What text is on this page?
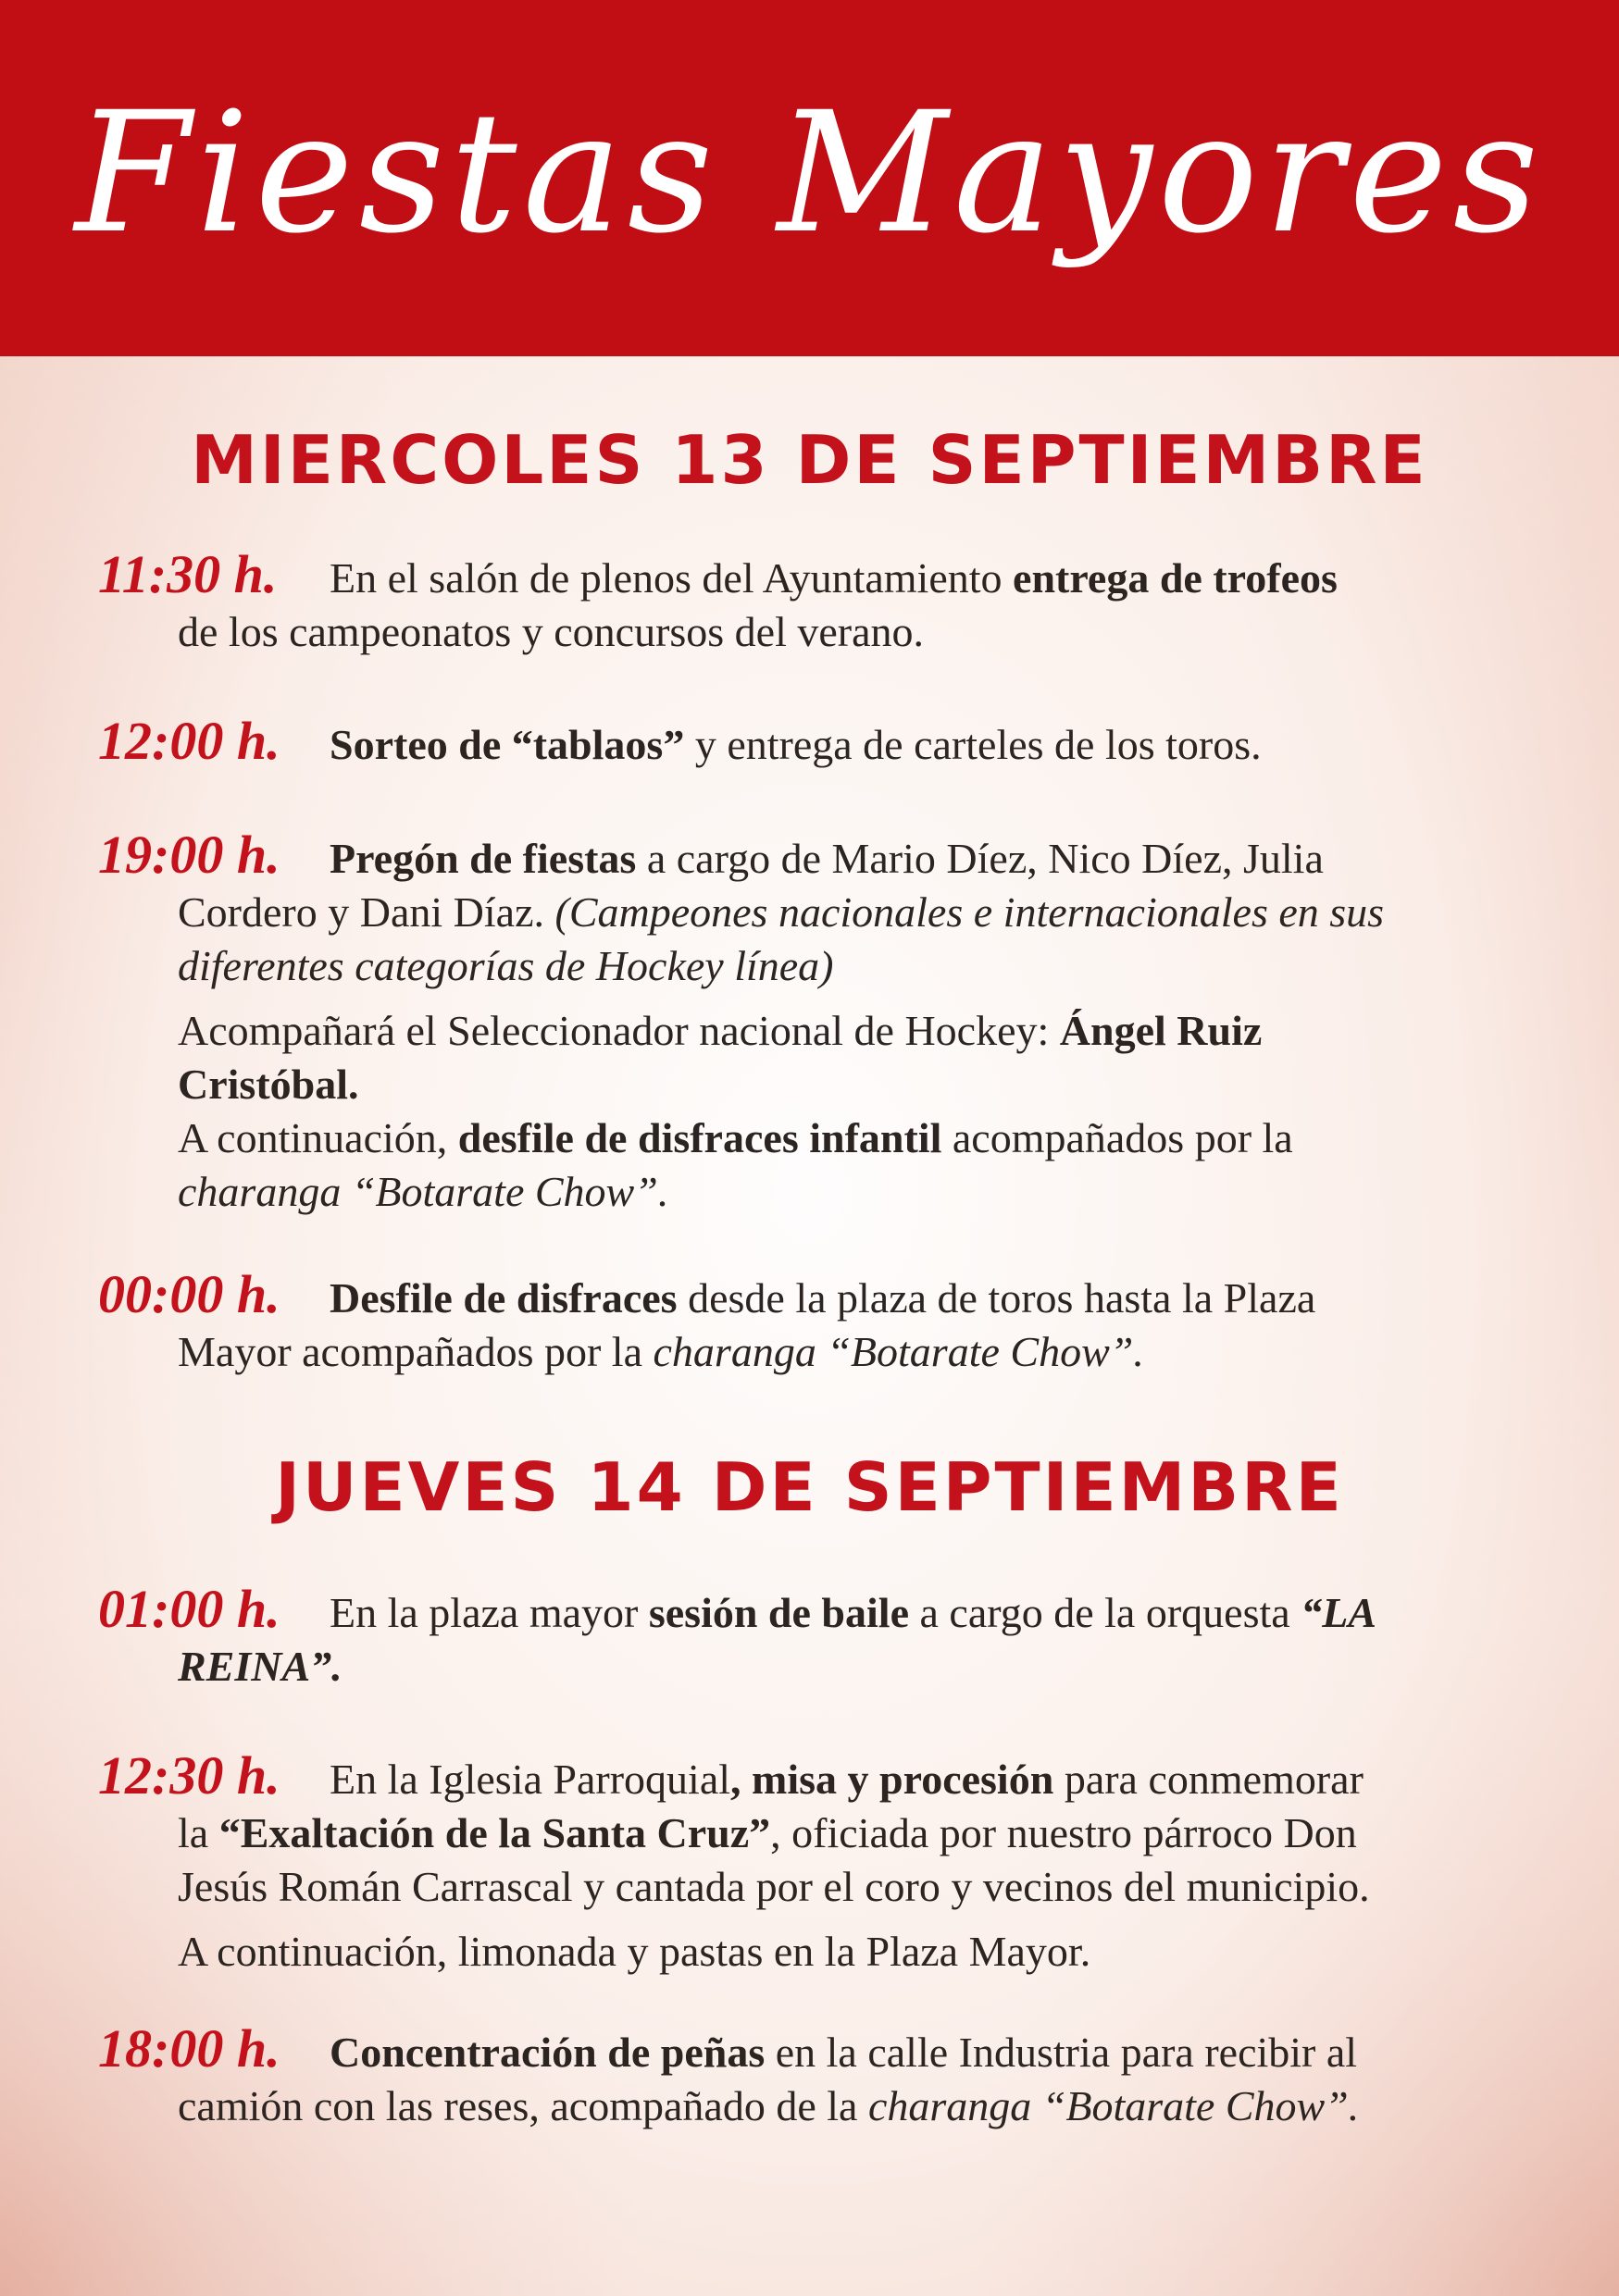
Fiestas Mayores
MIERCOLES 13 DE SEPTIEMBRE
11:30 h. En el salón de plenos del Ayuntamiento entrega de trofeos
de los campeonatos y concursos del verano.
12:00 h. Sorteo de “tablaos” y entrega de carteles de los toros.
19:00 h. Pregón de fiestas a cargo de Mario Díez, Nico Díez, Julia
Cordero y Dani Díaz. (Campeones nacionales e internacionales en sus
diferentes categorías de Hockey línea)
Acompañará el Seleccionador nacional de Hockey: Ángel Ruiz
Cristóbal.
A continuación, desfile de disfraces infantil acompañados por la
charanga “Botarate Chow”.
00:00 h. Desfile de disfraces desde la plaza de toros hasta la Plaza
Mayor acompañados por la charanga “Botarate Chow”.
JUEVES 14 DE SEPTIEMBRE
01:00 h. En la plaza mayor sesión de baile a cargo de la orquesta “LA
REINA”.
12:30 h. En la Iglesia Parroquial, misa y procesión para conmemorar
la “Exaltación de la Santa Cruz”, oficiada por nuestro párroco Don
Jesús Román Carrascal y cantada por el coro y vecinos del municipio.
A continuación, limonada y pastas en la Plaza Mayor.
18:00 h. Concentración de peñas en la calle Industria para recibir al
camión con las reses, acompañado de la charanga “Botarate Chow”.
